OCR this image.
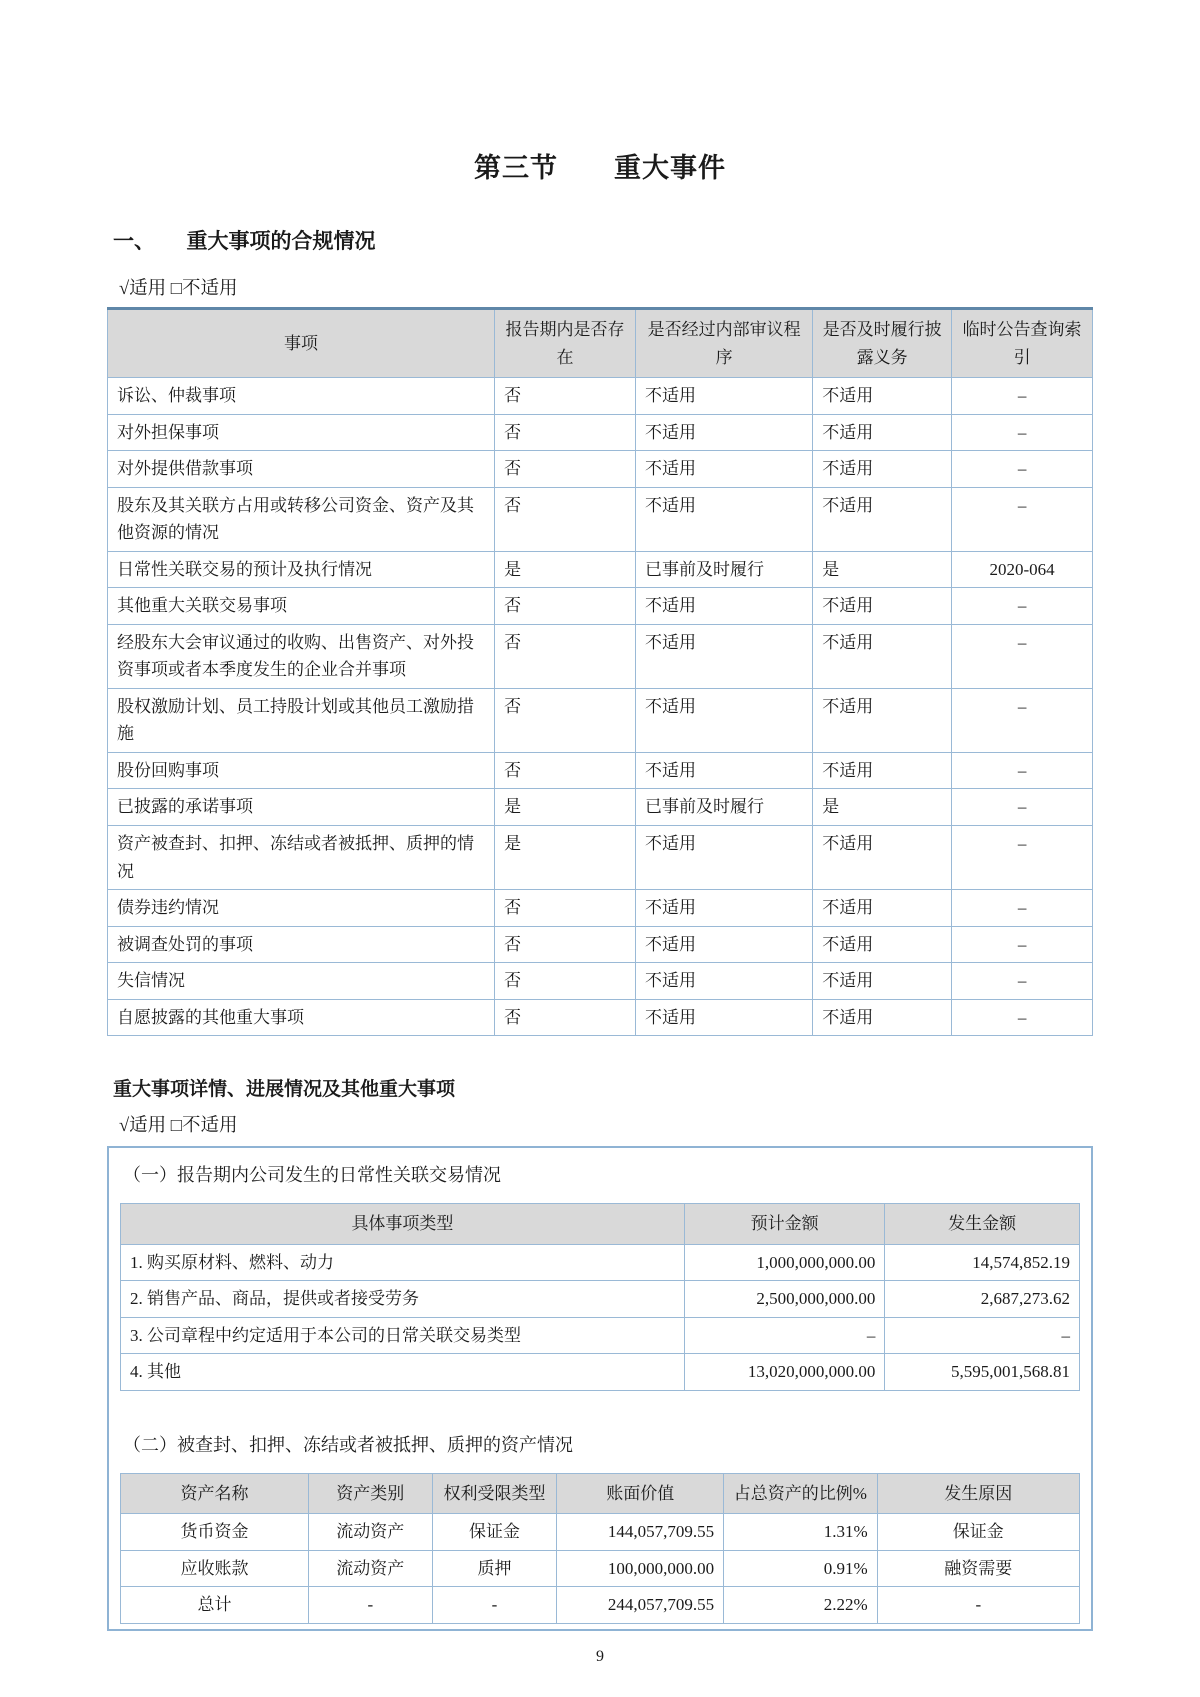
第三节　　重大事件
一、　　重大事项的合规情况
√适用 □不适用
事项	报告期内是否存在	是否经过内部审议程序	是否及时履行披露义务	临时公告查询索引
诉讼、仲裁事项	否	不适用	不适用	–
对外担保事项	否	不适用	不适用	–
对外提供借款事项	否	不适用	不适用	–
股东及其关联方占用或转移公司资金、资产及其他资源的情况	否	不适用	不适用	–
日常性关联交易的预计及执行情况	是	已事前及时履行	是	2020-064
其他重大关联交易事项	否	不适用	不适用	–
经股东大会审议通过的收购、出售资产、对外投资事项或者本季度发生的企业合并事项	否	不适用	不适用	–
股权激励计划、员工持股计划或其他员工激励措施	否	不适用	不适用	–
股份回购事项	否	不适用	不适用	–
已披露的承诺事项	是	已事前及时履行	是	–
资产被查封、扣押、冻结或者被抵押、质押的情况	是	不适用	不适用	–
债券违约情况	否	不适用	不适用	–
被调查处罚的事项	否	不适用	不适用	–
失信情况	否	不适用	不适用	–
自愿披露的其他重大事项	否	不适用	不适用	–
重大事项详情、进展情况及其他重大事项
√适用 □不适用
（一）报告期内公司发生的日常性关联交易情况
具体事项类型	预计金额	发生金额
1. 购买原材料、燃料、动力	1,000,000,000.00	14,574,852.19
2. 销售产品、商品，提供或者接受劳务	2,500,000,000.00	2,687,273.62
3. 公司章程中约定适用于本公司的日常关联交易类型	–	–
4. 其他	13,020,000,000.00	5,595,001,568.81
（二）被查封、扣押、冻结或者被抵押、质押的资产情况
资产名称	资产类别	权利受限类型	账面价值	占总资产的比例%	发生原因
货币资金	流动资产	保证金	144,057,709.55	1.31%	保证金
应收账款	流动资产	质押	100,000,000.00	0.91%	融资需要
总计	-	-	244,057,709.55	2.22%	-
9
